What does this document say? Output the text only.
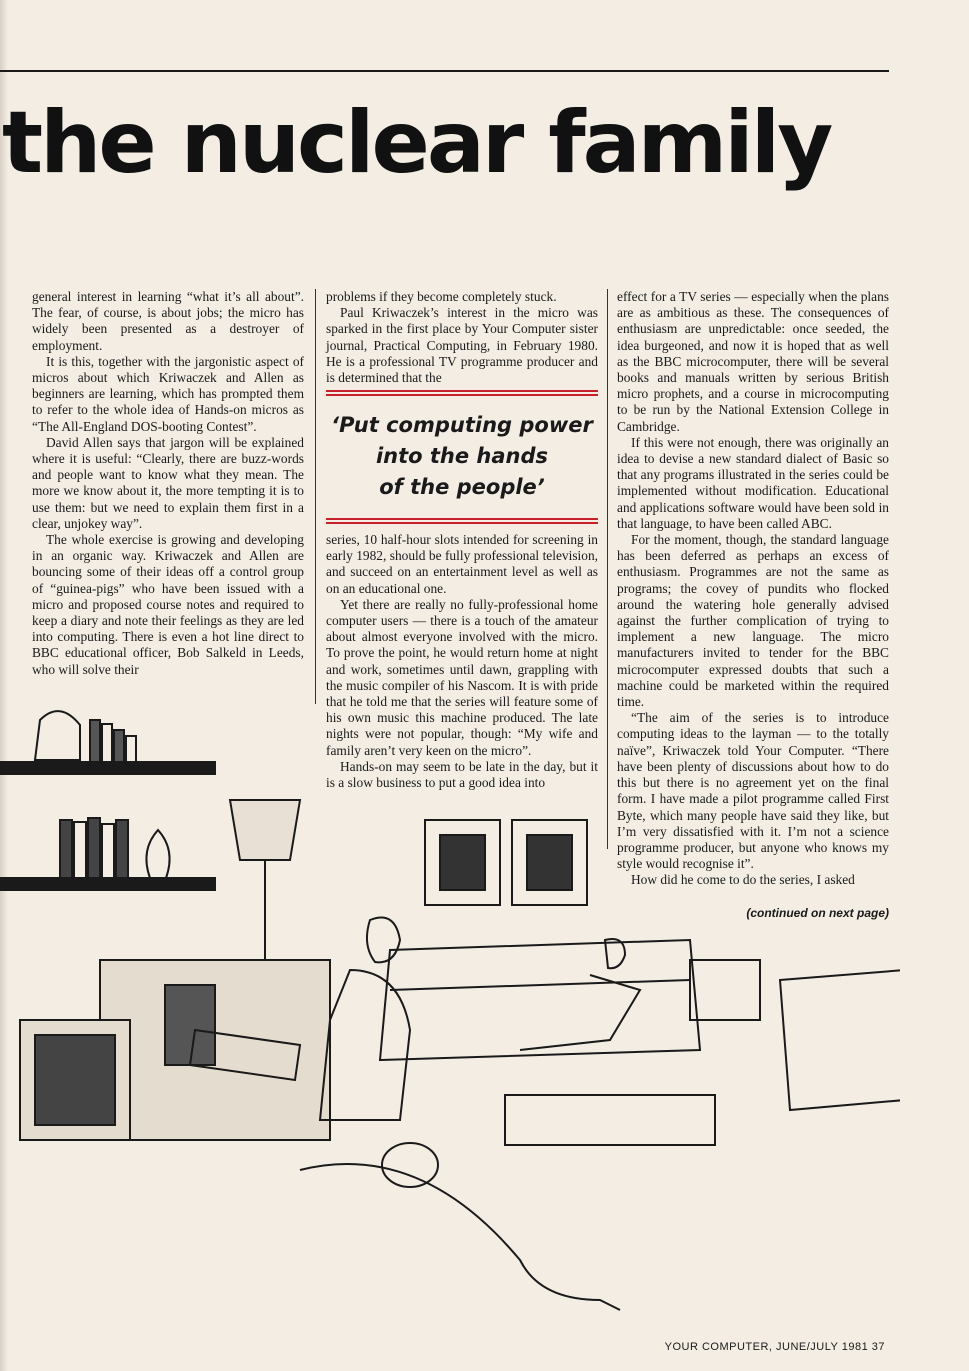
the nuclear family

general interest in learning “what it’s all about”. The fear, of course, is about jobs; the micro has widely been presented as a destroyer of employment.

It is this, together with the jargonistic aspect of micros about which Kriwaczek and Allen as beginners are learning, which has prompted them to refer to the whole idea of Hands-on micros as “The All-England DOS-booting Contest”.

David Allen says that jargon will be explained where it is useful: “Clearly, there are buzz-words and people want to know what they mean. The more we know about it, the more tempting it is to use them: but we need to explain them first in a clear, unjokey way”.

The whole exercise is growing and developing in an organic way. Kriwaczek and Allen are bouncing some of their ideas off a control group of “guinea-pigs” who have been issued with a micro and proposed course notes and required to keep a diary and note their feelings as they are led into computing. There is even a hot line direct to BBC educational officer, Bob Salkeld in Leeds, who will solve their

problems if they become completely stuck.

Paul Kriwaczek’s interest in the micro was sparked in the first place by Your Computer sister journal, Practical Computing, in February 1980. He is a professional TV programme producer and is determined that the

‘Put computing power
into the hands
of the people’

series, 10 half-hour slots intended for screening in early 1982, should be fully professional television, and succeed on an entertainment level as well as on an educational one.

Yet there are really no fully-professional home computer users — there is a touch of the amateur about almost everyone involved with the micro. To prove the point, he would return home at night and work, sometimes until dawn, grappling with the music compiler of his Nascom. It is with pride that he told me that the series will feature some of his own music this machine produced. The late nights were not popular, though: “My wife and family aren’t very keen on the micro”.

Hands-on may seem to be late in the day, but it is a slow business to put a good idea into

effect for a TV series — especially when the plans are as ambitious as these. The consequences of enthusiasm are unpredictable: once seeded, the idea burgeoned, and now it is hoped that as well as the BBC microcomputer, there will be several books and manuals written by serious British micro prophets, and a course in microcomputing to be run by the National Extension College in Cambridge.

If this were not enough, there was originally an idea to devise a new standard dialect of Basic so that any programs illustrated in the series could be implemented without modification. Educational and applications software would have been sold in that language, to have been called ABC.

For the moment, though, the standard language has been deferred as perhaps an excess of enthusiasm. Programmes are not the same as programs; the covey of pundits who flocked around the watering hole generally advised against the further complication of trying to implement a new language. The micro manufacturers invited to tender for the BBC microcomputer expressed doubts that such a machine could be marketed within the required time.

“The aim of the series is to introduce computing ideas to the layman — to the totally naïve”, Kriwaczek told Your Computer. “There have been plenty of discussions about how to do this but there is no agreement yet on the final form. I have made a pilot programme called First Byte, which many people have said they like, but I’m very dissatisfied with it. I’m not a science programme producer, but anyone who knows my style would recognise it”.

How did he come to do the series, I asked

(continued on next page)
YOUR COMPUTER, JUNE/JULY 1981 37
